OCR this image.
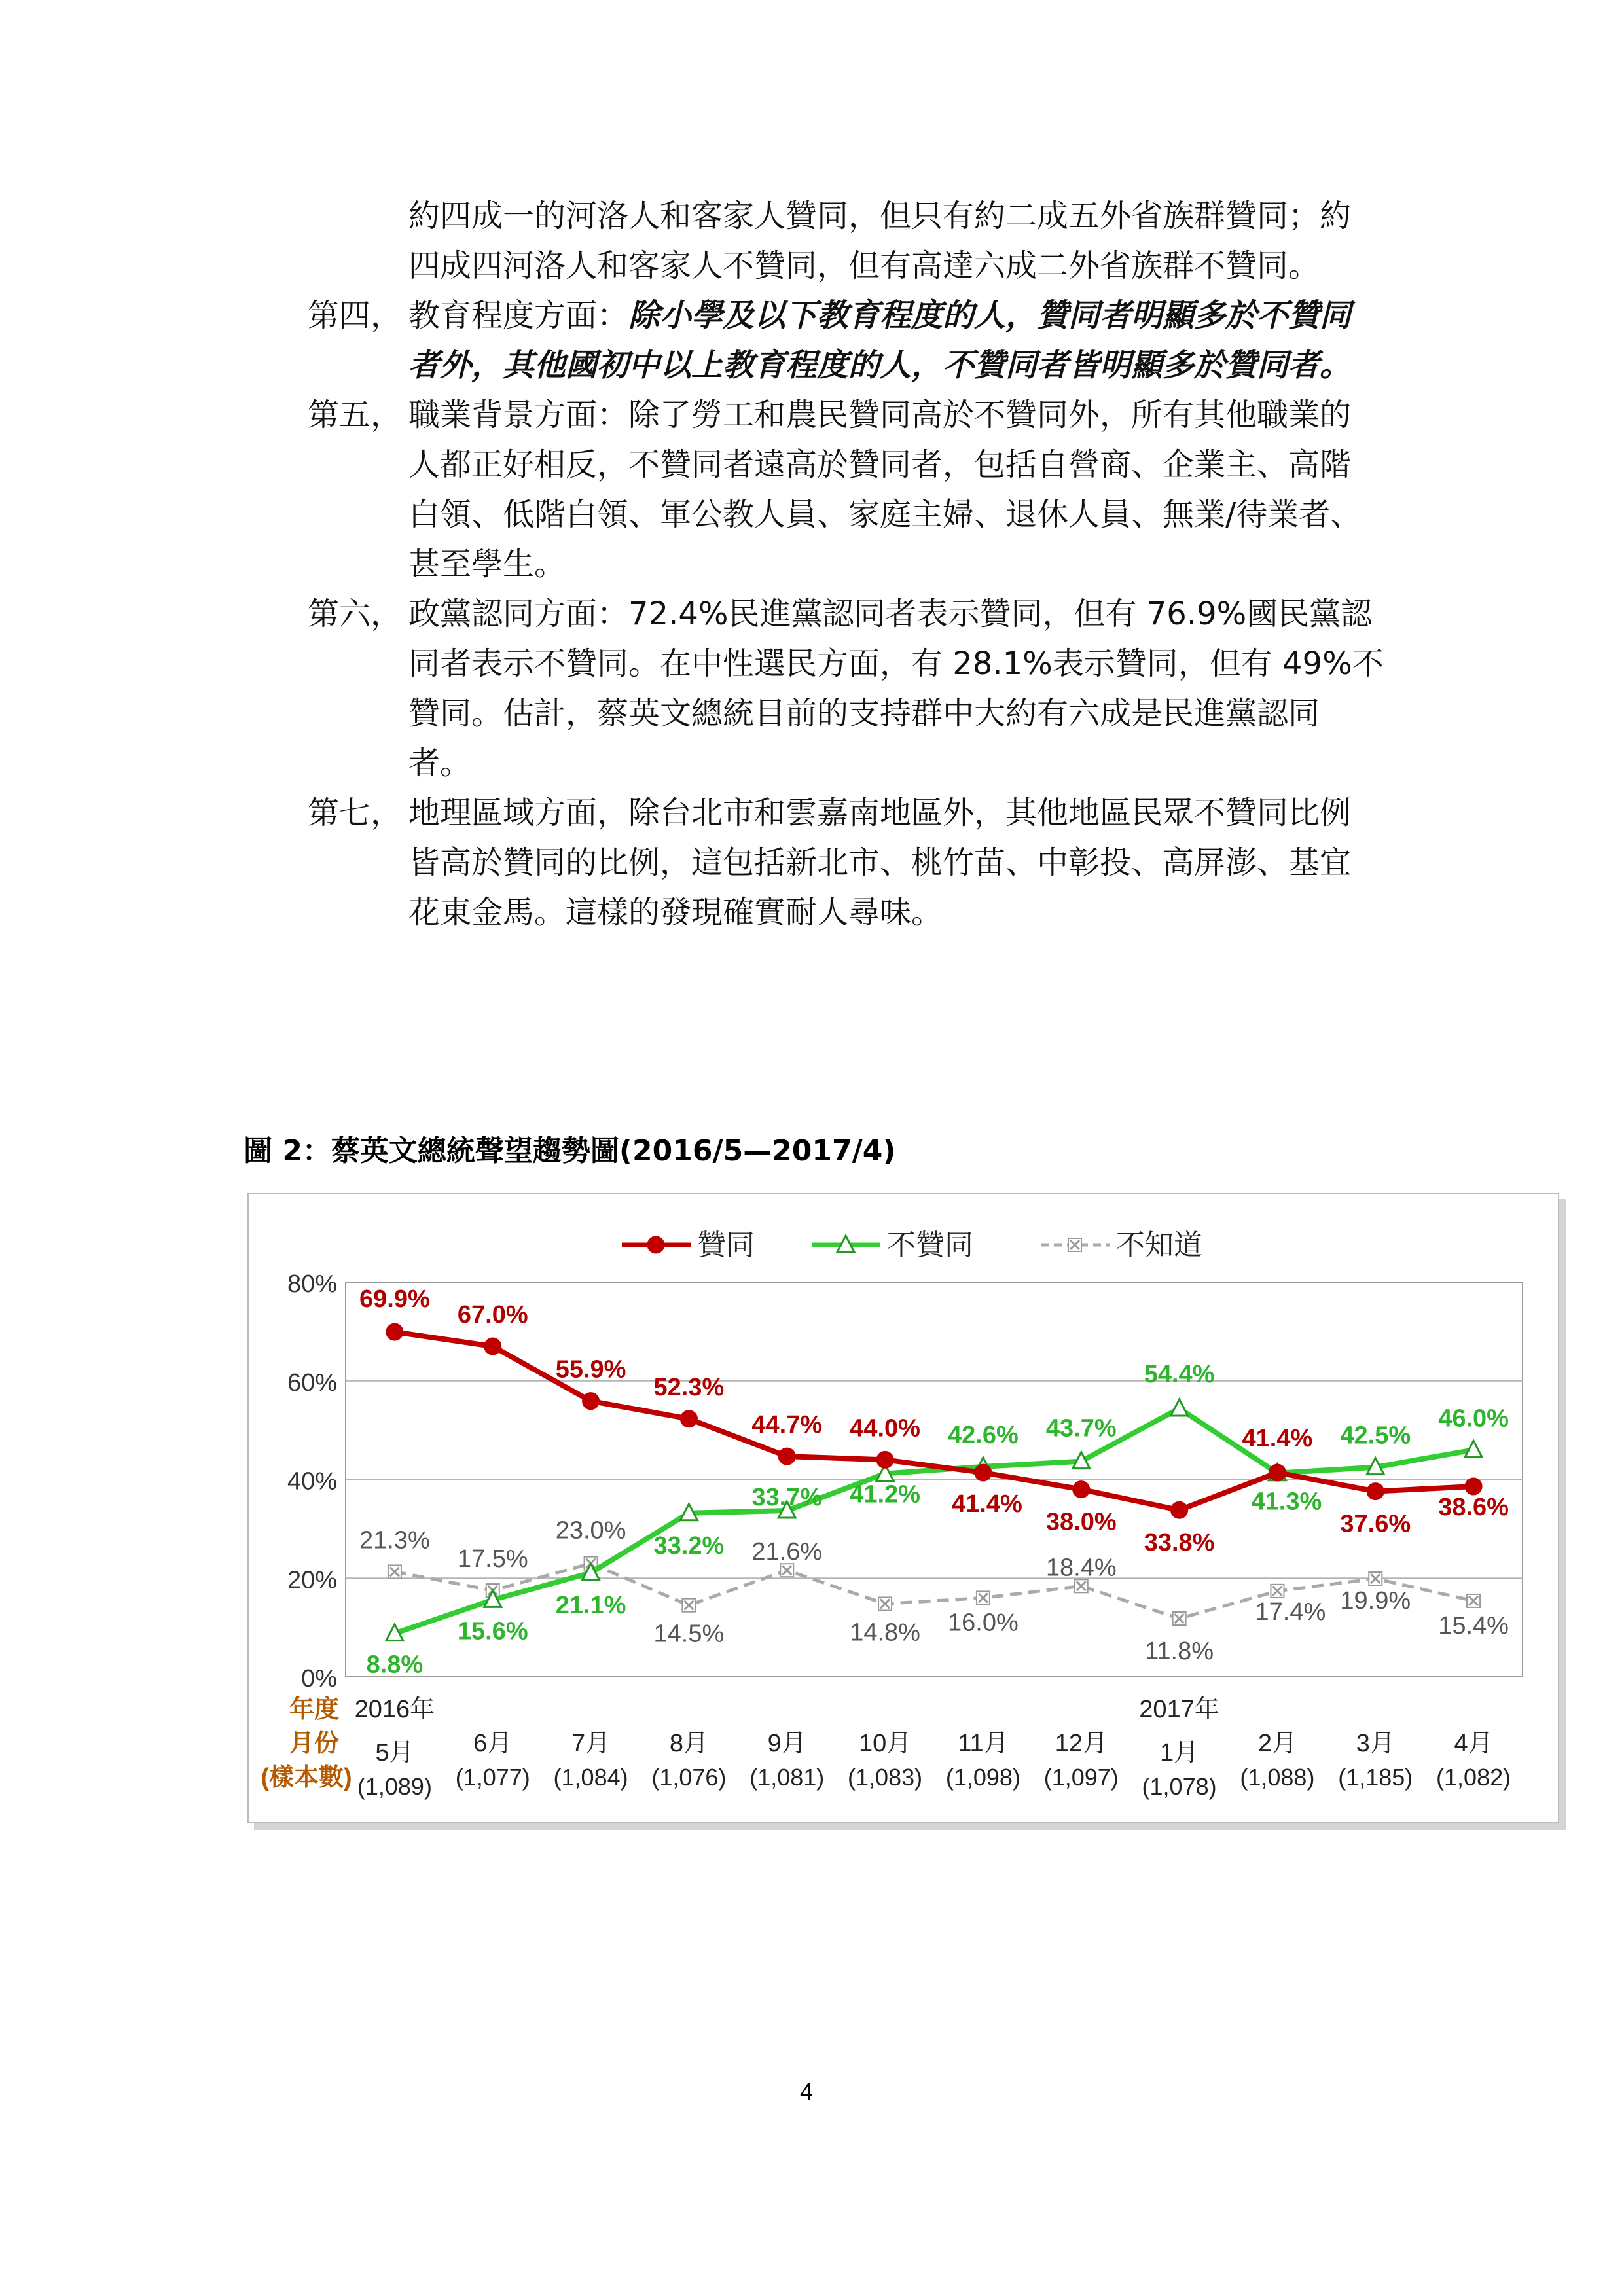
約四成一的河洛人和客家人贊同，但只有約二成五外省族群贊同；約
四成四河洛人和客家人不贊同，但有高達六成二外省族群不贊同。
第四， 教育程度方面：除小學及以下教育程度的人，贊同者明顯多於不贊同
者外，其他國初中以上教育程度的人，不贊同者皆明顯多於贊同者。
第五， 職業背景方面：除了勞工和農民贊同高於不贊同外，所有其他職業的
人都正好相反，不贊同者遠高於贊同者，包括自營商、企業主、高階
白領、低階白領、軍公教人員、家庭主婦、退休人員、無業/待業者、
甚至學生。
第六， 政黨認同方面：72.4%民進黨認同者表示贊同，但有 76.9%國民黨認
同者表示不贊同。在中性選民方面，有 28.1%表示贊同，但有 49%不
贊同。估計，蔡英文總統目前的支持群中大約有六成是民進黨認同
者。
第七， 地理區域方面，除台北市和雲嘉南地區外，其他地區民眾不贊同比例
皆高於贊同的比例，這包括新北市、桃竹苗、中彰投、高屏澎、基宜
花東金馬。這樣的發現確實耐人尋味。
圖 2：蔡英文總統聲望趨勢圖(2016/5—2017/4)
0%
20%
40%
60%
80%
贊同	不贊同	不知道
69.9%
67.0%
55.9%
52.3%
44.7% 44.0%
41.4%
38.0%
33.8%
41.4%
37.6%
38.6%
8.8%
15.6%
21.1%
33.2%
33.7% 41.2%
42.6% 43.7%
54.4%
41.3%
42.5%
46.0%
21.3%
17.5%
23.0%
14.5%
21.6%
14.8% 16.0%
18.4%
11.8%
17.4% 19.9%
15.4%
年度
月份
(樣本數)
2016年
5月
(1,089)
6月
(1,077)
7月
(1,084)
8月
(1,076)
9月
(1,081)
10月
(1,083)
11月
(1,098)
12月
(1,097)
2017年
1月
(1,078)
2月
(1,088)
3月
(1,185)
4月
(1,082)
4
